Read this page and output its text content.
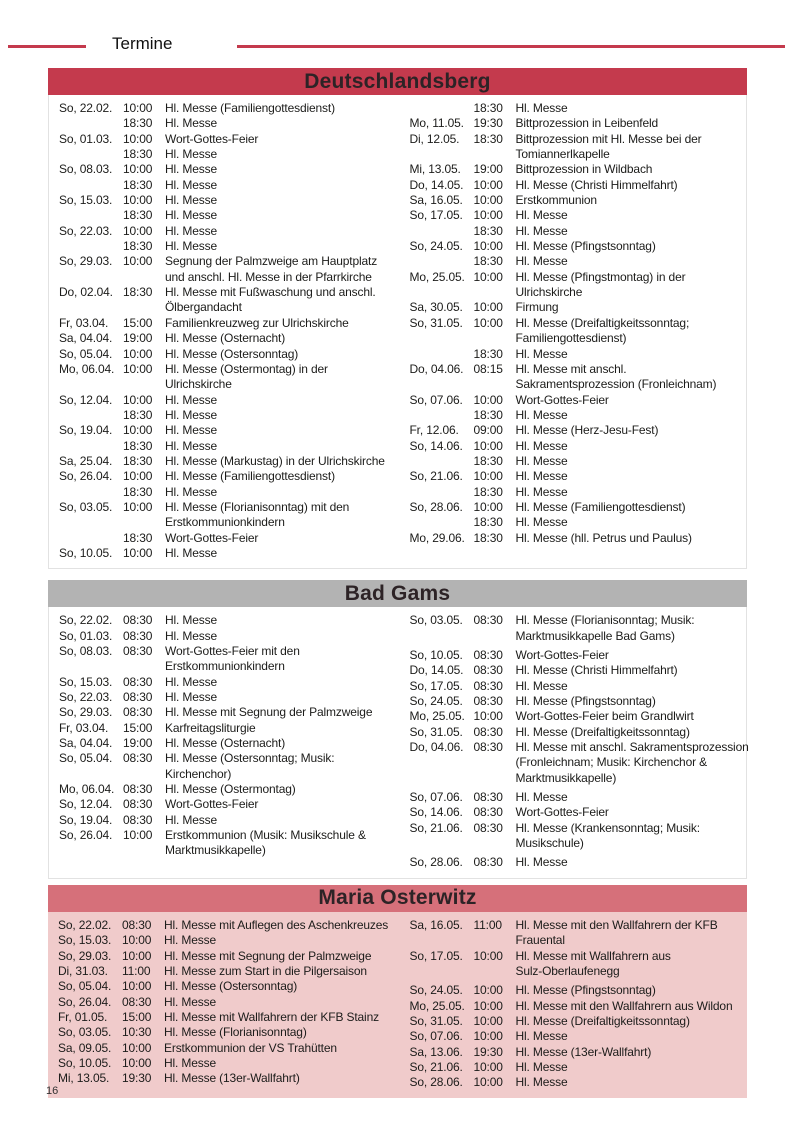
Termine
Deutschlandsberg
So, 22.02. 10:00	Hl. Messe (Familiengottesdienst)
18:30	Hl. Messe
So, 01.03. 10:00	Wort-Gottes-Feier
18:30	Hl. Messe
So, 08.03. 10:00	Hl. Messe
18:30	Hl. Messe
So, 15.03. 10:00	Hl. Messe
18:30	Hl. Messe
So, 22.03. 10:00	Hl. Messe
18:30	Hl. Messe
So, 29.03. 10:00	Segnung der Palmzweige am Hauptplatz
und anschl. Hl. Messe in der Pfarrkirche
Do, 02.04. 18:30	Hl. Messe mit Fußwaschung und anschl.
Ölbergandacht
Fr, 03.04.	15:00	Familienkreuzweg zur Ulrichskirche
Sa, 04.04. 19:00	Hl. Messe (Osternacht)
So, 05.04. 10:00	Hl. Messe (Ostersonntag)
Mo, 06.04. 10:00	Hl. Messe (Ostermontag) in der
Ulrichskirche
So, 12.04. 10:00	Hl. Messe
18:30	Hl. Messe
So, 19.04. 10:00	Hl. Messe
18:30	Hl. Messe
Sa, 25.04. 18:30	Hl. Messe (Markustag) in der Ulrichskirche
So, 26.04. 10:00	Hl. Messe (Familiengottesdienst)
18:30	Hl. Messe
So, 03.05. 10:00	Hl. Messe (Florianisonntag) mit den
Erstkommunionkindern
18:30	Wort-Gottes-Feier
So, 10.05. 10:00	Hl. Messe
18:30	Hl. Messe
Mo, 11.05. 19:30	Bittprozession in Leibenfeld
Di, 12.05.	18:30	Bittprozession mit Hl. Messe bei der
Tomiannerlkapelle
Mi, 13.05.	19:00	Bittprozession in Wildbach
Do, 14.05. 10:00	Hl. Messe (Christi Himmelfahrt)
Sa, 16.05. 10:00	Erstkommunion
So, 17.05. 10:00	Hl. Messe
18:30	Hl. Messe
So, 24.05. 10:00	Hl. Messe (Pfingstsonntag)
18:30	Hl. Messe
Mo, 25.05. 10:00	Hl. Messe (Pfingstmontag) in der
Ulrichskirche
Sa, 30.05. 10:00	Firmung
So, 31.05. 10:00	Hl. Messe (Dreifaltigkeitssonntag;
Familiengottesdienst)
18:30	Hl. Messe
Do, 04.06. 08:15	Hl. Messe mit anschl.
Sakramentsprozession (Fronleichnam)
So, 07.06. 10:00	Wort-Gottes-Feier
18:30	Hl. Messe
Fr, 12.06.	09:00	Hl. Messe (Herz-Jesu-Fest)
So, 14.06. 10:00	Hl. Messe
18:30	Hl. Messe
So, 21.06. 10:00	Hl. Messe
18:30	Hl. Messe
So, 28.06. 10:00	Hl. Messe (Familiengottesdienst)
18:30	Hl. Messe
Mo, 29.06. 18:30	Hl. Messe (hll. Petrus und Paulus)
Bad Gams
So, 22.02. 08:30	Hl. Messe
So, 01.03. 08:30	Hl. Messe
So, 08.03. 08:30	Wort-Gottes-Feier mit den
Erstkommunionkindern
So, 15.03. 08:30	Hl. Messe
So, 22.03. 08:30	Hl. Messe
So, 29.03. 08:30	Hl. Messe mit Segnung der Palmzweige
Fr, 03.04.	15:00	Karfreitagsliturgie
Sa, 04.04. 19:00	Hl. Messe (Osternacht)
So, 05.04. 08:30	Hl. Messe (Ostersonntag; Musik:
Kirchenchor)
Mo, 06.04. 08:30	Hl. Messe (Ostermontag)
So, 12.04. 08:30	Wort-Gottes-Feier
So, 19.04. 08:30	Hl. Messe
So, 26.04. 10:00	Erstkommunion (Musik: Musikschule &
Marktmusikkapelle)
So, 03.05. 08:30	Hl. Messe (Florianisonntag; Musik:
Marktmusikkapelle Bad Gams)
So, 10.05. 08:30	Wort-Gottes-Feier
Do, 14.05. 08:30	Hl. Messe (Christi Himmelfahrt)
So, 17.05. 08:30	Hl. Messe
So, 24.05. 08:30	Hl. Messe (Pfingstsonntag)
Mo, 25.05. 10:00	Wort-Gottes-Feier beim Grandlwirt
So, 31.05. 08:30	Hl. Messe (Dreifaltigkeitssonntag)
Do, 04.06. 08:30	Hl. Messe mit anschl. Sakramentsprozession
(Fronleichnam; Musik: Kirchenchor &
Marktmusikkapelle)
So, 07.06. 08:30	Hl. Messe
So, 14.06. 08:30	Wort-Gottes-Feier
So, 21.06. 08:30	Hl. Messe (Krankensonntag; Musik:
Musikschule)
So, 28.06. 08:30	Hl. Messe
Maria Osterwitz
So, 22.02. 08:30	Hl. Messe mit Auflegen des Aschenkreuzes
So, 15.03. 10:00	Hl. Messe
So, 29.03. 10:00	Hl. Messe mit Segnung der Palmzweige
Di, 31.03.	11:00	Hl. Messe zum Start in die Pilgersaison
So, 05.04. 10:00	Hl. Messe (Ostersonntag)
So, 26.04. 08:30	Hl. Messe
Fr, 01.05.	15:00	Hl. Messe mit Wallfahrern der KFB Stainz
So, 03.05. 10:30	Hl. Messe (Florianisonntag)
Sa, 09.05. 10:00	Erstkommunion der VS Trahütten
So, 10.05. 10:00	Hl. Messe
Mi, 13.05.	19:30	Hl. Messe (13er-Wallfahrt)
Sa, 16.05. 11:00	Hl. Messe mit den Wallfahrern der KFB
Frauental
So, 17.05. 10:00	Hl. Messe mit Wallfahrern aus
Sulz-Oberlaufenegg
So, 24.05. 10:00	Hl. Messe (Pfingstsonntag)
Mo, 25.05. 10:00	Hl. Messe mit den Wallfahrern aus Wildon
So, 31.05. 10:00	Hl. Messe (Dreifaltigkeitssonntag)
So, 07.06. 10:00	Hl. Messe
Sa, 13.06. 19:30	Hl. Messe (13er-Wallfahrt)
So, 21.06. 10:00	Hl. Messe
So, 28.06. 10:00	Hl. Messe
16
